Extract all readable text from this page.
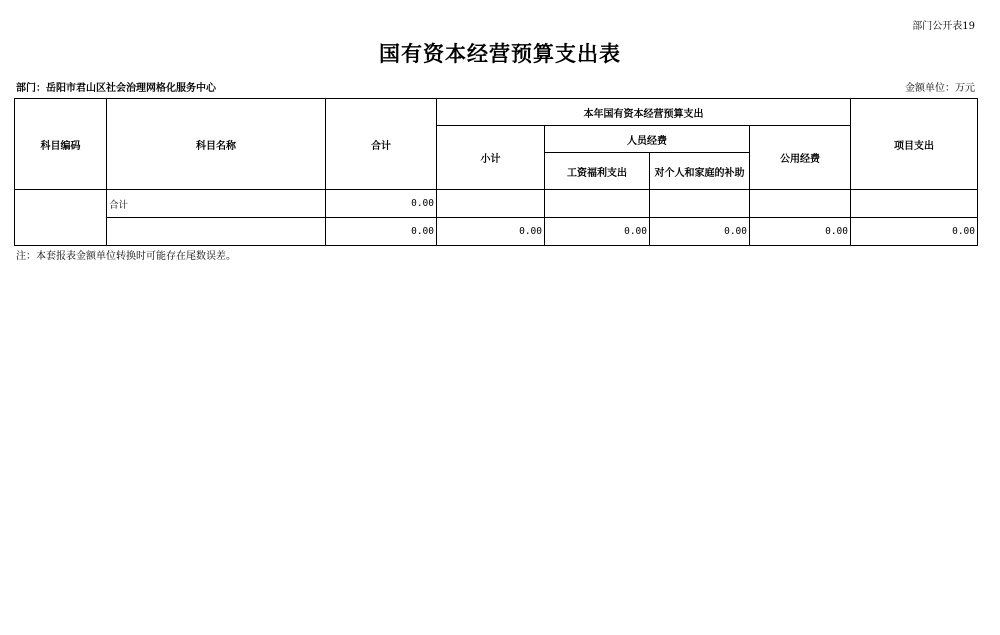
部门公开表19
国有资本经营预算支出表
部门：岳阳市君山区社会治理网格化服务中心	金额单位：万元
科目编码	科目名称	合计	本年国有资本经营预算支出				项目支出
			小计	人员经费		公用经费	
				工资福利支出	对个人和家庭的补助		
	合计	0.00					
		0.00	0.00	0.00	0.00	0.00	0.00
注：本套报表金额单位转换时可能存在尾数误差。
